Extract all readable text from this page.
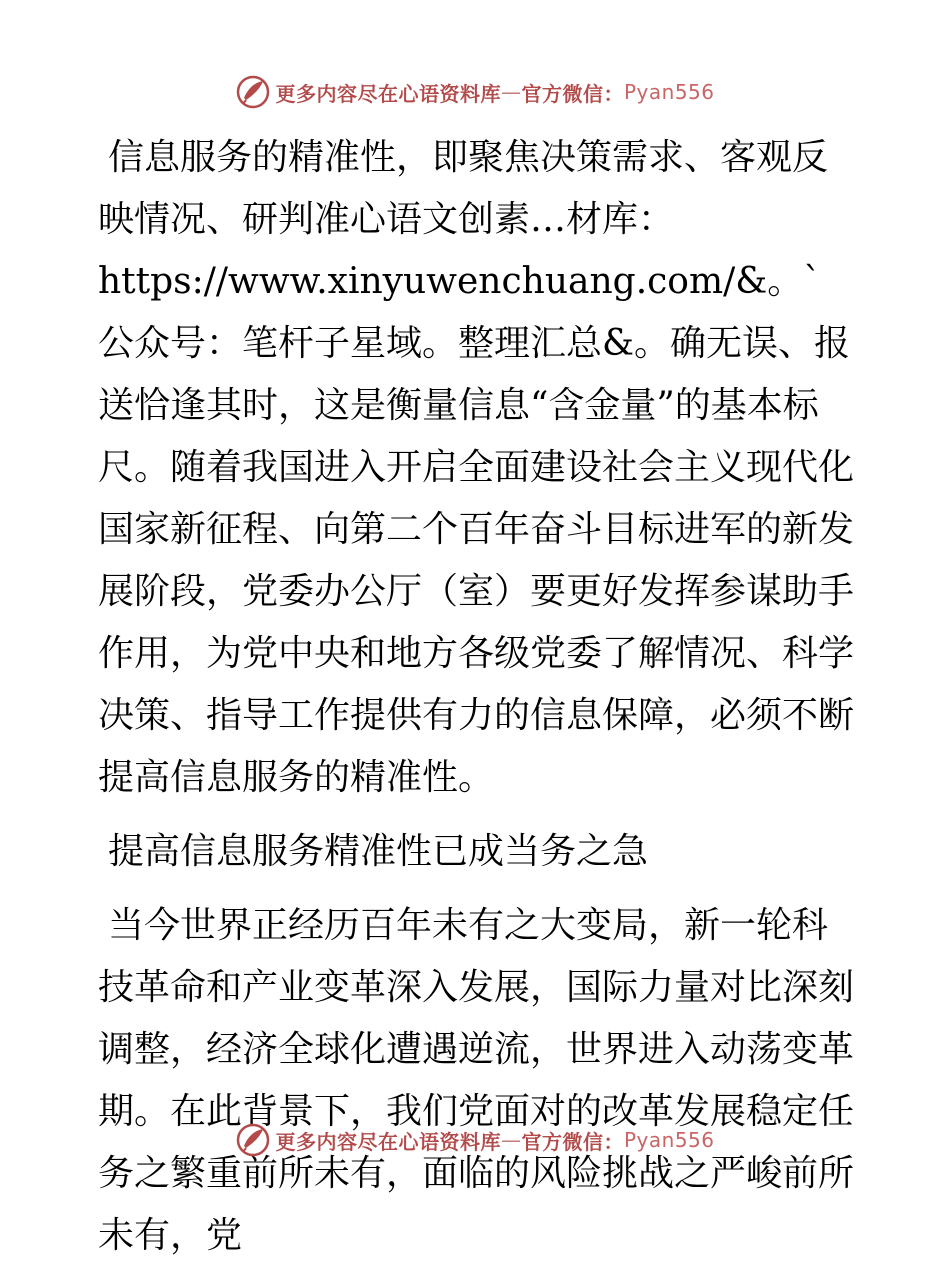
更多内容尽在心语资料库 — 官方微信： Pyan556

信息服务的精准性，即聚焦决策需求、客观反映情况、研判准心语文创素…材库：https://www.xinyuwenchuang.com/&。`公众号：笔杆子星域。整理汇总&。确无误、报送恰逢其时，这是衡量信息“含金量”的基本标尺。随着我国进入开启全面建设社会主义现代化国家新征程、向第二个百年奋斗目标进军的新发展阶段，党委办公厅（室）要更好发挥参谋助手作用，为党中央和地方各级党委了解情况、科学决策、指导工作提供有力的信息保障，必须不断提高信息服务的精准性。

提高信息服务精准性已成当务之急

当今世界正经历百年未有之大变局，新一轮科技革命和产业变革深入发展，国际力量对比深刻调整，经济全球化遭遇逆流，世界进入动荡变革期。在此背景下，我们党面对的改革发展稳定任务之繁重前所未有，面临的风险挑战之严峻前所未有，党

更多内容尽在心语资料库 — 官方微信： Pyan556
